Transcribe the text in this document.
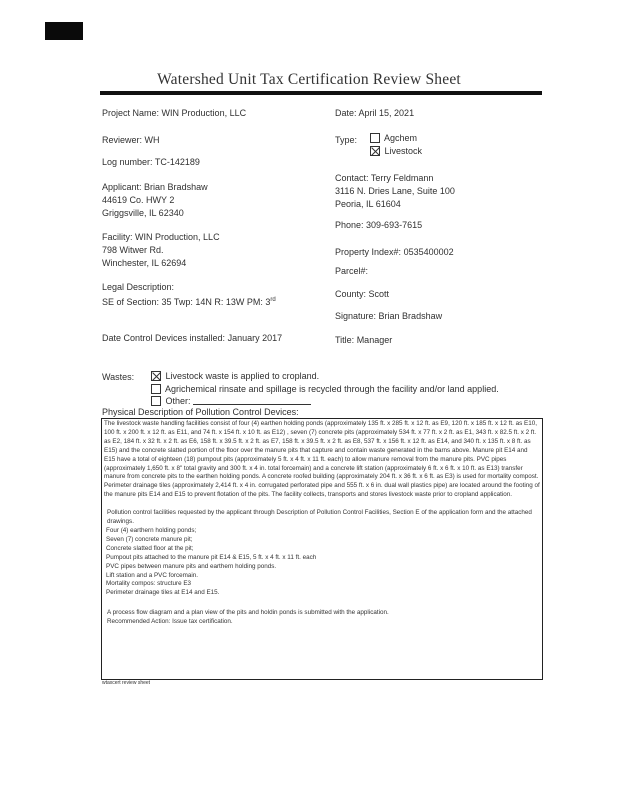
Watershed Unit Tax Certification Review Sheet
Project Name: WIN Production, LLC
Reviewer: WH
Log number: TC-142189
Applicant: Brian Bradshaw
44619 Co. HWY 2
Griggsville, IL 62340
Facility: WIN Production, LLC
798 Witwer Rd.
Winchester, IL 62694
Legal Description:
SE of Section: 35 Twp: 14N R: 13W PM: 3rd
Date Control Devices installed: January 2017
Date: April 15, 2021
Type:	Agchem
Livestock
Contact: Terry Feldmann
3116 N. Dries Lane, Suite 100
Peoria, IL 61604
Phone: 309-693-7615
Property Index#: 0535400002
Parcel#:
County: Scott
Signature: Brian Bradshaw
Title: Manager
Wastes:	Livestock waste is applied to cropland.
Agrichemical rinsate and spillage is recycled through the facility and/or land applied.
Other:
Physical Description of Pollution Control Devices:

The livestock waste handling facilities consist of four (4) earthen holding ponds (approximately 135 ft. x 285 ft. x 12 ft. as E9, 120 ft. x 185 ft. x 12 ft. as E10, 100 ft. x 200 ft. x 12 ft. as E11, and 74 ft. x 154 ft. x 10 ft. as E12) , seven (7) concrete pits (approximately 534 ft. x 77 ft. x 2 ft. as E1, 343 ft. x 82.5 ft. x 2 ft. as E2, 184 ft. x 32 ft. x 2 ft. as E6, 158 ft. x 39.5 ft. x 2 ft. as E7, 158 ft. x 39.5 ft. x 2 ft. as E8, 537 ft. x 156 ft. x 12 ft. as E14, and 340 ft. x 135 ft. x 8 ft. as E15) and the concrete slatted portion of the floor over the manure pits that capture and contain waste generated in the barns above. Manure pit E14 and E15 have a total of eighteen (18) pumpout pits (approximately 5 ft. x 4 ft. x 11 ft. each) to allow manure removal from the manure pits. PVC pipes (approximately 1,650 ft. x 8" total gravity and 300 ft. x 4 in. total forcemain) and a concrete lift station (approximately 6 ft. x 6 ft. x 10 ft. as E13) transfer manure from concrete pits to the earthen holding ponds. A concrete roofed building (approximately 204 ft. x 36 ft. x 6 ft. as E3) is used for mortality compost. Perimeter drainage tiles (approximately 2,414 ft. x 4 in. corrugated perforated pipe and 555 ft. x 6 in. dual wall plastics pipe) are located around the footing of the manure pits E14 and E15 to prevent flotation of the pits. The facility collects, transports and stores livestock waste prior to cropland application.

Pollution control facilities requested by the applicant through Description of Pollution Control Facilities, Section E of the application form and the attached drawings.

Four (4) earthern holding ponds;

Seven (7) concrete manure pit;

Concrete slatted floor at the pit;

Pumpout pits attached to the manure pit E14 & E15, 5 ft. x 4 ft. x 11 ft. each

PVC pipes between manure pits and earthern holding ponds.

Lift station and a PVC forcemain.

Mortality compos: structure E3

Perimeter drainage tiles at E14 and E15.

A process flow diagram and a plan view of the pits and holdin ponds is submitted with the application.

Recommended Action: Issue tax certification.

wtaxcert review sheet
